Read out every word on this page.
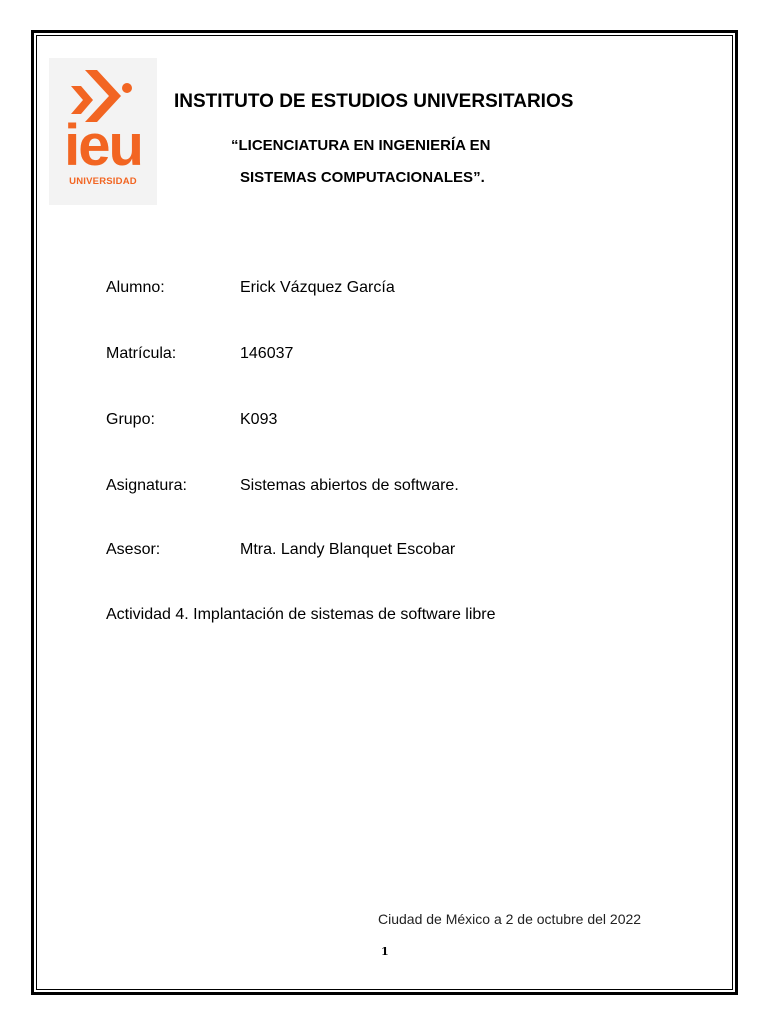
ieu
UNIVERSIDAD
INSTITUTO DE ESTUDIOS UNIVERSITARIOS
“LICENCIATURA EN INGENIERÍA EN
SISTEMAS COMPUTACIONALES”.
Alumno:	Erick Vázquez García
Matrícula:	146037
Grupo:	K093
Asignatura:	Sistemas abiertos de software.
Asesor:	Mtra. Landy Blanquet Escobar
Actividad 4. Implantación de sistemas de software libre
Ciudad de México a 2 de octubre del 2022
1
